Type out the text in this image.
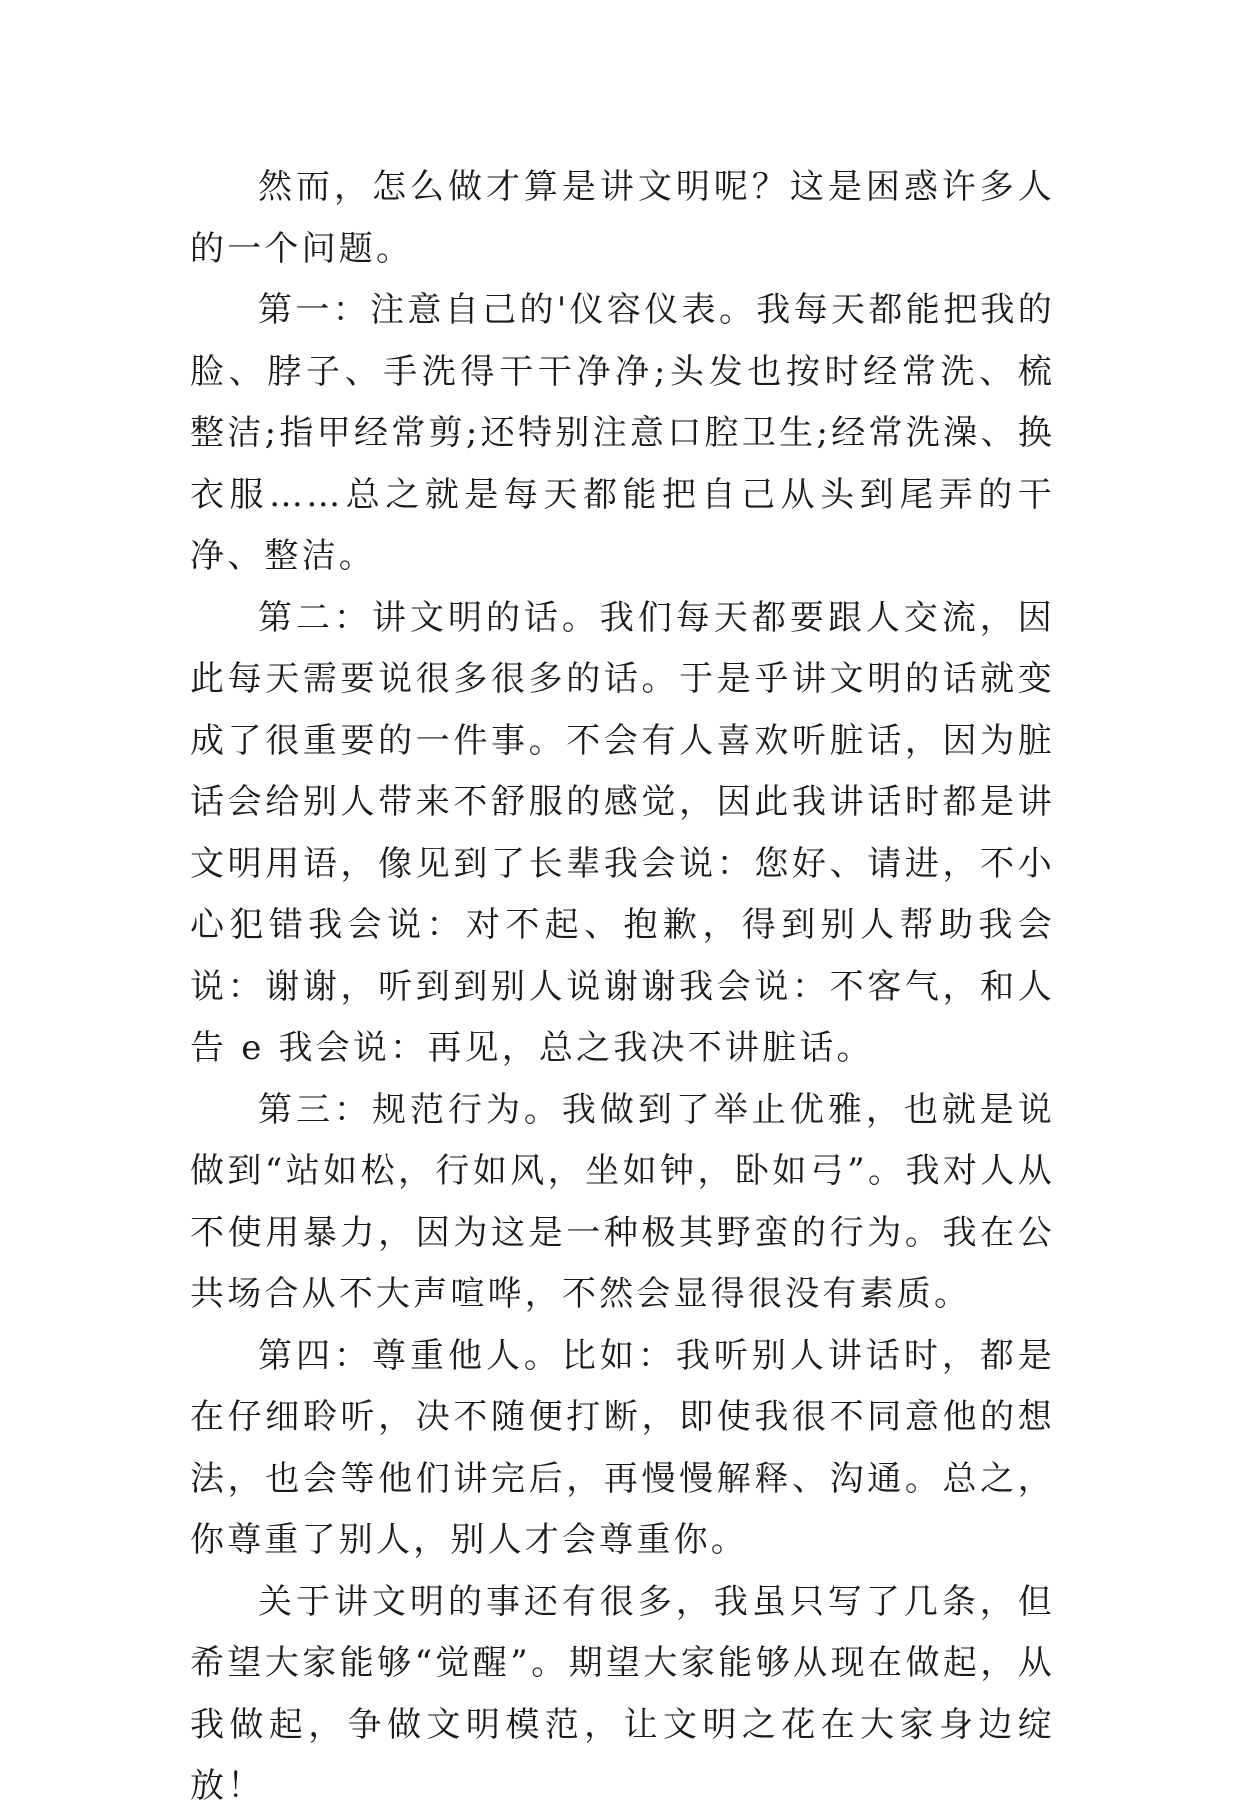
然而，怎么做才算是讲文明呢？这是困惑许多人的一个问题。

第一：注意自己的'仪容仪表。我每天都能把我的脸、脖子、手洗得干干净净;头发也按时经常洗、梳整洁;指甲经常剪;还特别注意口腔卫生;经常洗澡、换衣服……总之就是每天都能把自己从头到尾弄的干净、整洁。

第二：讲文明的话。我们每天都要跟人交流，因此每天需要说很多很多的话。于是乎讲文明的话就变成了很重要的一件事。不会有人喜欢听脏话，因为脏话会给别人带来不舒服的感觉，因此我讲话时都是讲文明用语，像见到了长辈我会说：您好、请进，不小心犯错我会说：对不起、抱歉，得到别人帮助我会说：谢谢，听到到别人说谢谢我会说：不客气，和人告 e 我会说：再见，总之我决不讲脏话。

第三：规范行为。我做到了举止优雅，也就是说做到“站如松，行如风，坐如钟，卧如弓”。我对人从不使用暴力，因为这是一种极其野蛮的行为。我在公共场合从不大声喧哗，不然会显得很没有素质。

第四：尊重他人。比如：我听别人讲话时，都是在仔细聆听，决不随便打断，即使我很不同意他的想法，也会等他们讲完后，再慢慢解释、沟通。总之，你尊重了别人，别人才会尊重你。

关于讲文明的事还有很多，我虽只写了几条，但希望大家能够“觉醒”。期望大家能够从现在做起，从我做起，争做文明模范，让文明之花在大家身边绽放！
